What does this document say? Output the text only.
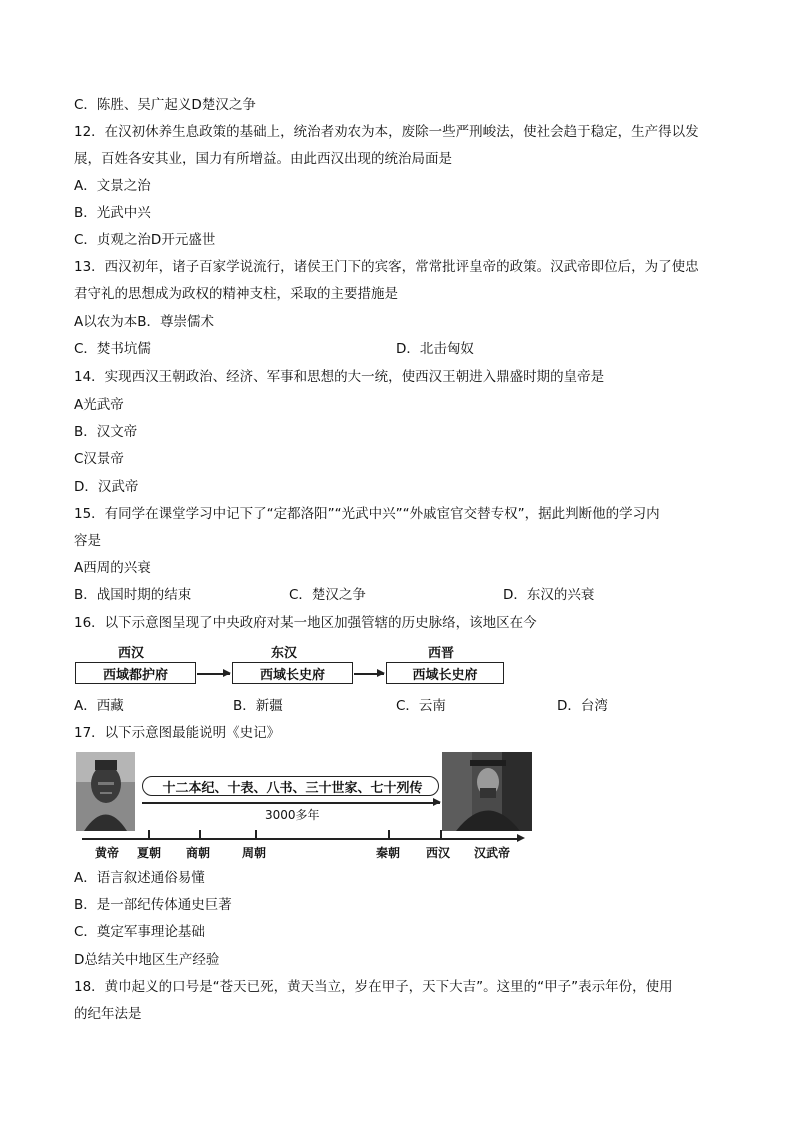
C．陈胜、吴广起义D楚汉之争
12．在汉初休养生息政策的基础上，统治者劝农为本，废除一些严刑峻法，使社会趋于稳定，生产得以发
展，百姓各安其业，国力有所增益。由此西汉出现的统治局面是
A．文景之治
B．光武中兴
C．贞观之治D开元盛世
13．西汉初年，诸子百家学说流行，诸侯王门下的宾客，常常批评皇帝的政策。汉武帝即位后，为了使忠
君守礼的思想成为政权的精神支柱，采取的主要措施是
A以农为本B．尊崇儒术
C．焚书坑儒	D．北击匈奴
14．实现西汉王朝政治、经济、军事和思想的大一统，使西汉王朝进入鼎盛时期的皇帝是
A光武帝
B．汉文帝
C汉景帝
D．汉武帝
15．有同学在课堂学习中记下了“定都洛阳”“光武中兴”“外戚宦官交替专权”，据此判断他的学习内
容是
A西周的兴衰
B．战国时期的结束	C．楚汉之争	D．东汉的兴衰
16．以下示意图呈现了中央政府对某一地区加强管辖的历史脉络，该地区在今
西汉	东汉	西晋
西域都护府	西域长史府	西域长史府
A．西藏	B．新疆	C．云南	D．台湾
17．以下示意图最能说明《史记》
十二本纪、十表、八书、三十世家、七十列传
3000多年
黄帝 夏朝 商朝	周朝	秦朝 西汉 汉武帝
A．语言叙述通俗易懂
B．是一部纪传体通史巨著
C．奠定军事理论基础
D总结关中地区生产经验
18．黄巾起义的口号是“苍天已死，黄天当立，岁在甲子，天下大吉”。这里的“甲子”表示年份，使用
的纪年法是
